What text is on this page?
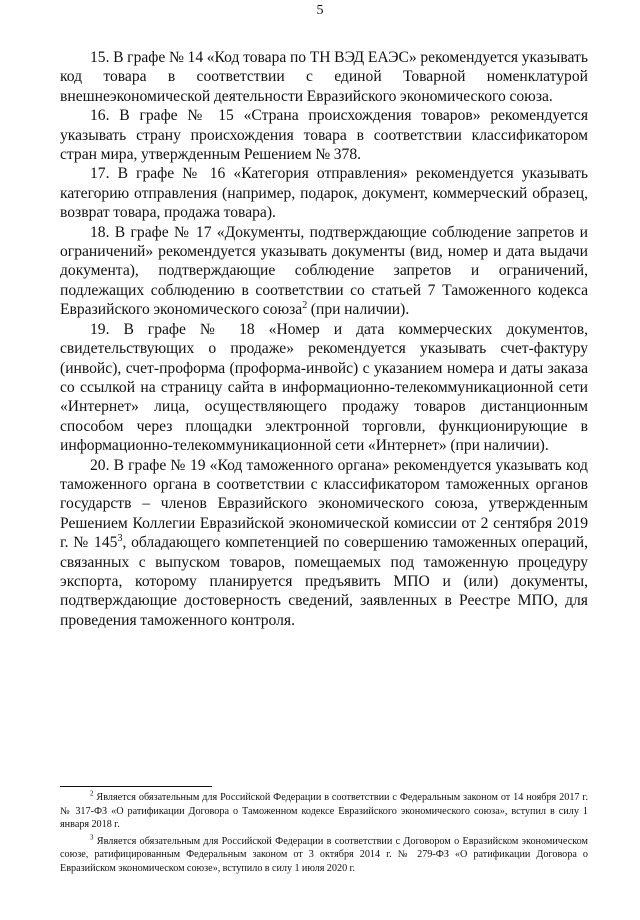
5

15. В графе № 14 «Код товара по ТН ВЭД ЕАЭС» рекомендуется указывать код товара в соответствии с единой Товарной номенклатурой внешнеэкономической деятельности Евразийского экономического союза.

16. В графе № 15 «Страна происхождения товаров» рекомендуется указывать страну происхождения товара в соответствии классификатором стран мира, утвержденным Решением № 378.

17. В графе № 16 «Категория отправления» рекомендуется указывать категорию отправления (например, подарок, документ, коммерческий образец, возврат товара, продажа товара).

18. В графе № 17 «Документы, подтверждающие соблюдение запретов и ограничений» рекомендуется указывать документы (вид, номер и дата выдачи документа), подтверждающие соблюдение запретов и ограничений, подлежащих соблюдению в соответствии со статьей 7 Таможенного кодекса Евразийского экономического союза$^2$ (при наличии).

19. В графе № 18 «Номер и дата коммерческих документов, свидетельствующих о продаже» рекомендуется указывать счет-фактуру (инвойс), счет-проформа (проформа-инвойс) с указанием номера и даты заказа со ссылкой на страницу сайта в информационно-телекоммуникационной сети «Интернет» лица, осуществляющего продажу товаров дистанционным способом через площадки электронной торговли, функционирующие в информационно-телекоммуникационной сети «Интернет» (при наличии).

20. В графе № 19 «Код таможенного органа» рекомендуется указывать код таможенного органа в соответствии с классификатором таможенных органов государств – членов Евразийского экономического союза, утвержденным Решением Коллегии Евразийской экономической комиссии от 2 сентября 2019 г. № $145^3$, обладающего компетенцией по совершению таможенных операций, связанных с выпуском товаров, помещаемых под таможенную процедуру экспорта, которому планируется предъявить МПО и (или) документы, подтверждающие достоверность сведений, заявленных в Реестре МПО, для проведения таможенного контроля.

$^2$ Является обязательным для Российской Федерации в соответствии с Федеральным законом от 14 ноября 2017 г. № 317-ФЗ «О ратификации Договора о Таможенном кодексе Евразийского экономического союза», вступил в силу 1 января 2018 г.

$^3$ Является обязательным для Российской Федерации в соответствии с Договором о Евразийском экономическом союзе, ратифицированным Федеральным законом от 3 октября 2014 г. № 279-ФЗ «О ратификации Договора о Евразийском экономическом союзе», вступило в силу 1 июля 2020 г.
